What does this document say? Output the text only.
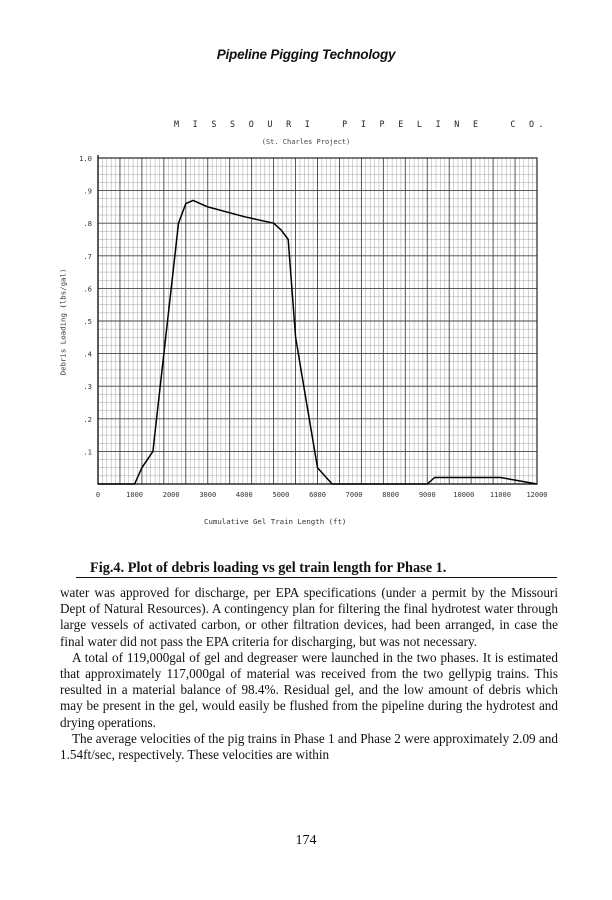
Pipeline Pigging Technology
M I S S O U R I   P I P E L I N E   C O.
(St. Charles Project)
0	1000	2000	3000	4000	5000	6000	7000	8000	9000	10000 11000 12000
.1
.2
.3
.4
.5
.6
.7
.8
.9
1.0
Debris Loading (lbs/gal)
Cumulative Gel Train Length (ft)
Fig.4. Plot of debris loading vs gel train length for Phase 1.

water was approved for discharge, per EPA specifications (under a permit by the Missouri Dept of Natural Resources). A contingency plan for filtering the final hydrotest water through large vessels of activated carbon, or other filtration devices, had been arranged, in case the final water did not pass the EPA criteria for discharging, but was not necessary.

A total of 119,000gal of gel and degreaser were launched in the two phases. It is estimated that approximately 117,000gal of material was received from the two gellypig trains. This resulted in a material balance of 98.4%. Residual gel, and the low amount of debris which may be present in the gel, would easily be flushed from the pipeline during the hydrotest and drying operations.

The average velocities of the pig trains in Phase 1 and Phase 2 were approximately 2.09 and 1.54ft/sec, respectively. These velocities are within

174
